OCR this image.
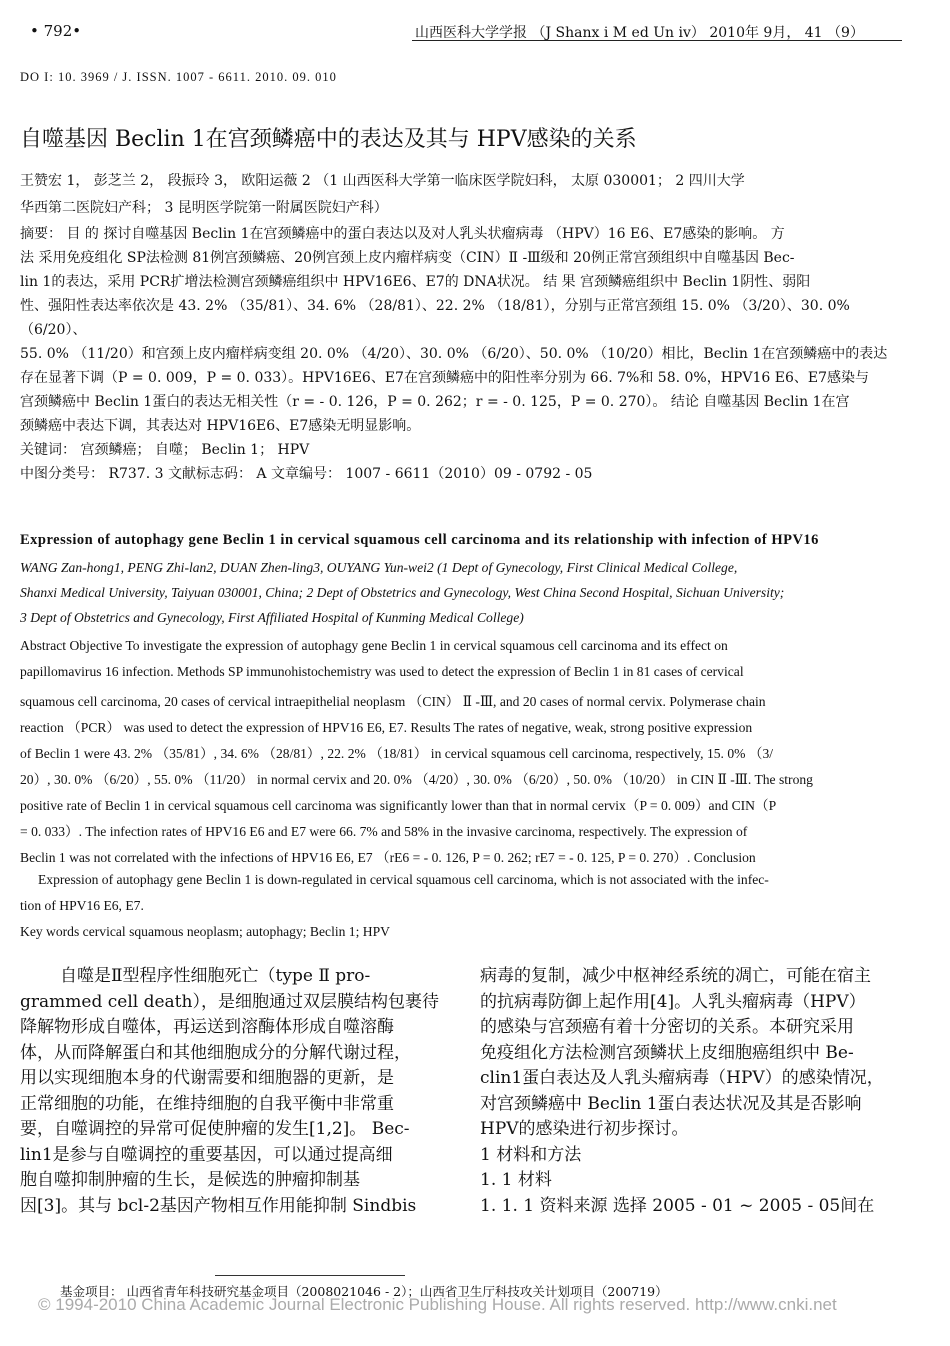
• 792•	山西医科大学学报 （J Shanx i M ed Un iv） 2010年 9月， 41 （9）
DO I: 10. 3969 / J. ISSN. 1007 - 6611. 2010. 09. 010
自噬基因 Beclin 1在宫颈鳞癌中的表达及其与 HPV感染的关系
王赞宏 1， 彭芝兰 2， 段振玲 3， 欧阳运薇 2 （1 山西医科大学第一临床医学院妇科， 太原 030001； 2 四川大学
华西第二医院妇产科； 3 昆明医学院第一附属医院妇产科）
摘要： 目 的 探讨自噬基因 Beclin 1在宫颈鳞癌中的蛋白表达以及对人乳头状瘤病毒 （HPV）16 E6、E7感染的影响。 方
法 采用免疫组化 SP法检测 81例宫颈鳞癌、20例宫颈上皮内瘤样病变（CIN）Ⅱ -Ⅲ级和 20例正常宫颈组织中自噬基因 Bec-
lin 1的表达，采用 PCR扩增法检测宫颈鳞癌组织中 HPV16E6、E7的 DNA状况。 结 果 宫颈鳞癌组织中 Beclin 1阴性、弱阳
性、强阳性表达率依次是 43. 2% （35/81）、34. 6% （28/81）、22. 2% （18/81），分别与正常宫颈组 15. 0% （3/20）、30. 0% （6/20）、
55. 0% （11/20）和宫颈上皮内瘤样病变组 20. 0% （4/20）、30. 0% （6/20）、50. 0% （10/20）相比，Beclin 1在宫颈鳞癌中的表达
存在显著下调（P = 0. 009，P = 0. 033）。HPV16E6、E7在宫颈鳞癌中的阳性率分别为 66. 7%和 58. 0%，HPV16 E6、E7感染与
宫颈鳞癌中 Beclin 1蛋白的表达无相关性（r = - 0. 126，P = 0. 262；r = - 0. 125，P = 0. 270）。 结论 自噬基因 Beclin 1在宫
颈鳞癌中表达下调，其表达对 HPV16E6、E7感染无明显影响。
关键词： 宫颈鳞癌； 自噬； Beclin 1； HPV
中图分类号： R737. 3 文献标志码： A 文章编号： 1007 - 6611（2010）09 - 0792 - 05
Expression of autophagy gene Beclin 1 in cervical squamous cell carcinoma and its relationship with infection of HPV16
WANG Zan-hong1, PENG Zhi-lan2, DUAN Zhen-ling3, OUYANG Yun-wei2 (1 Dept of Gynecology, First Clinical Medical College,
Shanxi Medical University, Taiyuan 030001, China; 2 Dept of Obstetrics and Gynecology, West China Second Hospital, Sichuan University;
3 Dept of Obstetrics and Gynecology, First Affiliated Hospital of Kunming Medical College)
Abstract Objective To investigate the expression of autophagy gene Beclin 1 in cervical squamous cell carcinoma and its effect on
papillomavirus 16 infection. Methods SP immunohistochemistry was used to detect the expression of Beclin 1 in 81 cases of cervical
squamous cell carcinoma, 20 cases of cervical intraepithelial neoplasm （CIN） Ⅱ -Ⅲ, and 20 cases of normal cervix. Polymerase chain
reaction （PCR） was used to detect the expression of HPV16 E6, E7. Results The rates of negative, weak, strong positive expression
of Beclin 1 were 43. 2% （35/81）, 34. 6% （28/81）, 22. 2% （18/81） in cervical squamous cell carcinoma, respectively, 15. 0% （3/
20）, 30. 0% （6/20）, 55. 0% （11/20） in normal cervix and 20. 0% （4/20）, 30. 0% （6/20）, 50. 0% （10/20） in CIN Ⅱ -Ⅲ. The strong
positive rate of Beclin 1 in cervical squamous cell carcinoma was significantly lower than that in normal cervix（P = 0. 009）and CIN（P
= 0. 033）. The infection rates of HPV16 E6 and E7 were 66. 7% and 58% in the invasive carcinoma, respectively. The expression of
Beclin 1 was not correlated with the infections of HPV16 E6, E7 （rE6 = - 0. 126, P = 0. 262; rE7 = - 0. 125, P = 0. 270）. Conclusion
Expression of autophagy gene Beclin 1 is down-regulated in cervical squamous cell carcinoma, which is not associated with the infec-
tion of HPV16 E6, E7.
Key words cervical squamous neoplasm; autophagy; Beclin 1; HPV
自噬是Ⅱ型程序性细胞死亡（type Ⅱ pro-
grammed cell death），是细胞通过双层膜结构包裹待
降解物形成自噬体，再运送到溶酶体形成自噬溶酶
体，从而降解蛋白和其他细胞成分的分解代谢过程，
用以实现细胞本身的代谢需要和细胞器的更新，是
正常细胞的功能，在维持细胞的自我平衡中非常重
要，自噬调控的异常可促使肿瘤的发生[1,2]。 Bec-
lin1是参与自噬调控的重要基因，可以通过提高细
胞自噬抑制肿瘤的生长，是候选的肿瘤抑制基
因[3]。其与 bcl-2基因产物相互作用能抑制 Sindbis
病毒的复制，减少中枢神经系统的凋亡，可能在宿主
的抗病毒防御上起作用[4]。人乳头瘤病毒（HPV）
的感染与宫颈癌有着十分密切的关系。本研究采用
免疫组化方法检测宫颈鳞状上皮细胞癌组织中 Be-
clin1蛋白表达及人乳头瘤病毒（HPV）的感染情况，
对宫颈鳞癌中 Beclin 1蛋白表达状况及其是否影响
HPV的感染进行初步探讨。
1 材料和方法
1. 1 材料
1. 1. 1 资料来源 选择 2005 - 01 ~ 2005 - 05间在
基金项目： 山西省青年科技研究基金项目（2008021046 - 2）；山西省卫生厅科技攻关计划项目（200719）
© 1994-2010 China Academic Journal Electronic Publishing House. All rights reserved. http://www.cnki.net
